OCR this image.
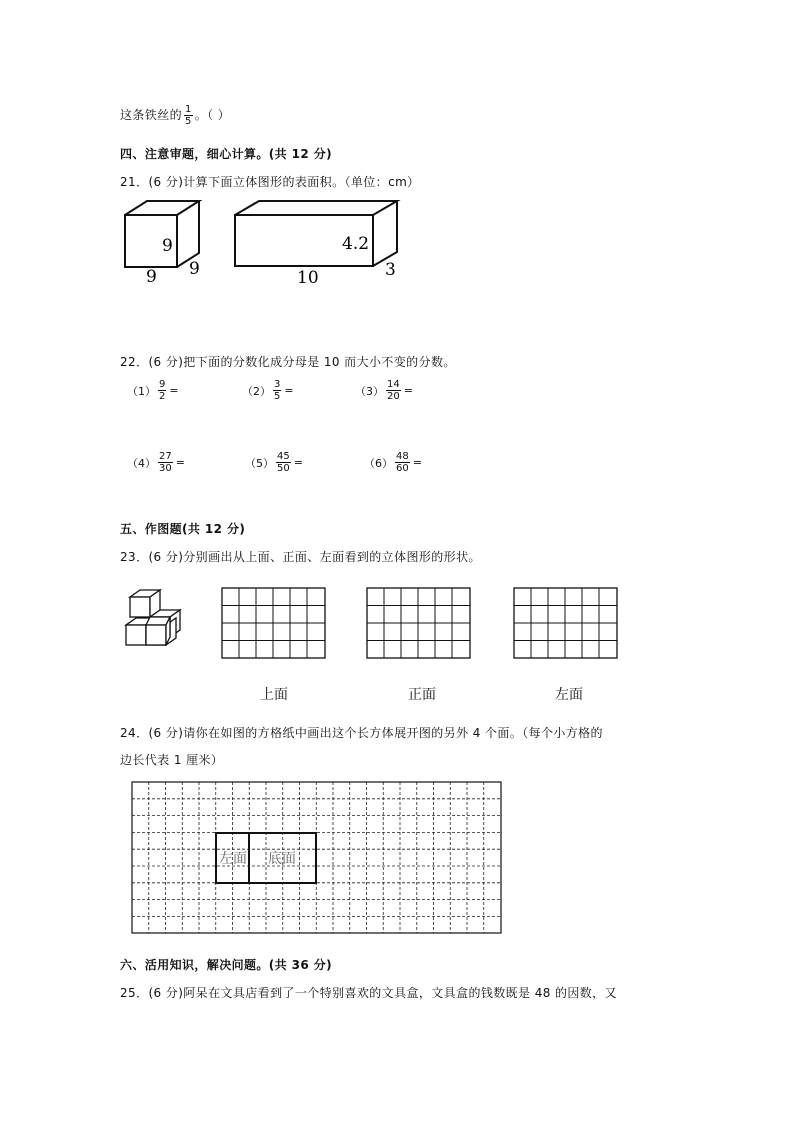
这条铁丝的 $\frac{1}{5}$ 。（ ）
四、注意审题，细心计算。(共 12 分)
21．(6 分)计算下面立体图形的表面积。（单位：cm）
9
9 9
4.2
10	3
22．(6 分)把下面的分数化成分母是 10 而大小不变的分数。
$(1) \frac{9}{2}$ =	$(2) \frac{3}{5}$ =	$(3) \frac{14}{20}$ =
$(4) \frac{27}{30}$ =	$(5) \frac{45}{50}$ =	$(6) \frac{48}{60}$ =
五、作图题(共 12 分)
23．(6 分)分别画出从上面、正面、左面看到的立体图形的形状。
上面	正面	左面
24．(6 分)请你在如图的方格纸中画出这个长方体展开图的另外 4 个面。（每个小方格的
边长代表 1 厘米）
左面 底面
六、活用知识，解决问题。(共 36 分)
25．(6 分)阿呆在文具店看到了一个特别喜欢的文具盒，文具盒的钱数既是 48 的因数，又
